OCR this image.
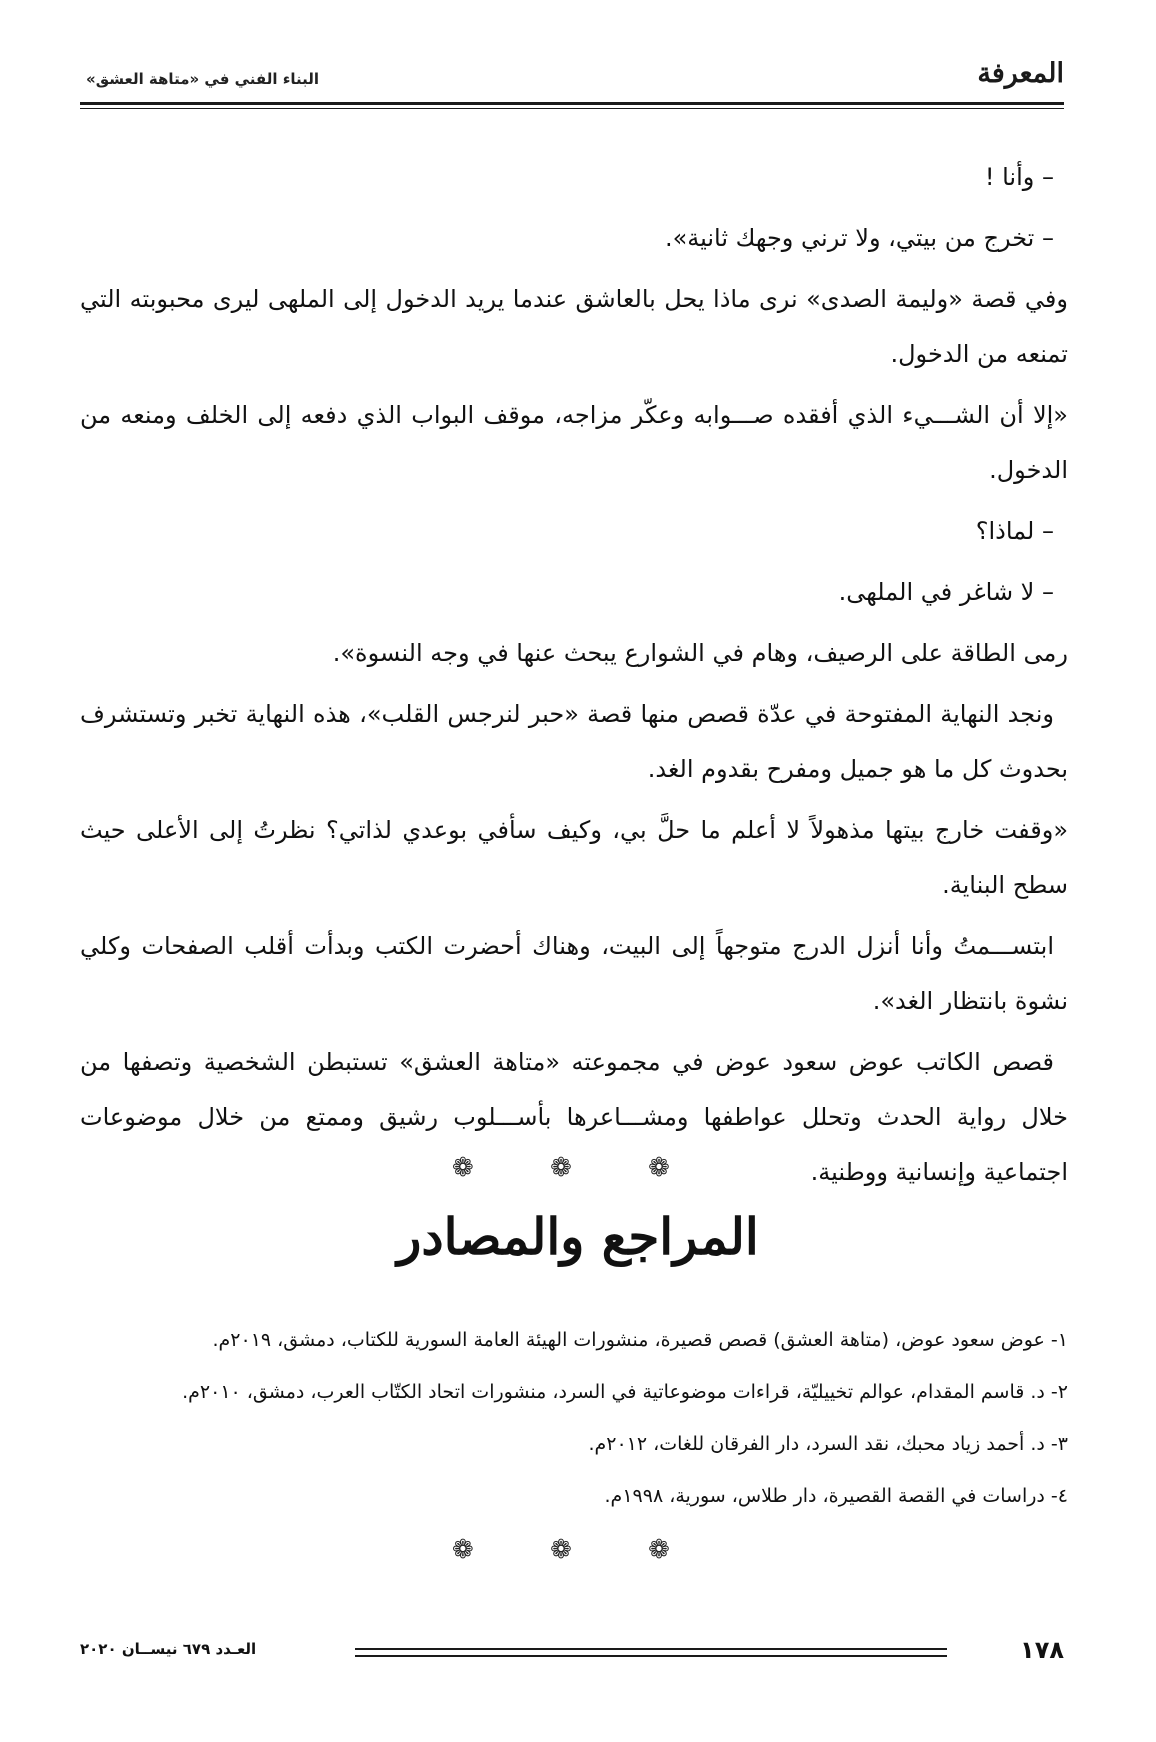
المعرفة
البناء الفني في «متاهة العشق»

– وأنا !

– تخرج من بيتي، ولا ترني وجهك ثانية».

وفي قصة «وليمة الصدى» نرى ماذا يحل بالعاشق عندما يريد الدخول إلى الملهى ليرى محبوبته التي تمنعه من الدخول.

«إلا أن الشـــيء الذي أفقده صـــوابه وعكّر مزاجه، موقف البواب الذي دفعه إلى الخلف ومنعه من الدخول.

– لماذا؟

– لا شاغر في الملهى.

رمى الطاقة على الرصيف، وهام في الشوارع يبحث عنها في وجه النسوة».

ونجد النهاية المفتوحة في عدّة قصص منها قصة «حبر لنرجس القلب»، هذه النهاية تخبر وتستشرف بحدوث كل ما هو جميل ومفرح بقدوم الغد.

«وقفت خارج بيتها مذهولاً لا أعلم ما حلَّ بي، وكيف سأفي بوعدي لذاتي؟ نظرتُ إلى الأعلى حيث سطح البناية.

ابتســـمتُ وأنا أنزل الدرج متوجهاً إلى البيت، وهناك أحضرت الكتب وبدأت أقلب الصفحات وكلي نشوة بانتظار الغد».

قصص الكاتب عوض سعود عوض في مجموعته «متاهة العشق» تستبطن الشخصية وتصفها من خلال رواية الحدث وتحلل عواطفها ومشـــاعرها بأســـلوب رشيق وممتع من خلال موضوعات اجتماعية وإنسانية ووطنية.

❁ ❁ ❁
المراجع والمصادر
١- عوض سعود عوض، (متاهة العشق) قصص قصيرة، منشورات الهيئة العامة السورية للكتاب، دمشق، ٢٠١٩م.
٢- د. قاسم المقدام، عوالم تخييليّة، قراءات موضوعاتية في السرد، منشورات اتحاد الكتّاب العرب، دمشق، ٢٠١٠م.
٣- د. أحمد زياد محبك، نقد السرد، دار الفرقان للغات، ٢٠١٢م.
٤- دراسات في القصة القصيرة، دار طلاس، سورية، ١٩٩٨م.
❁ ❁ ❁
١٧٨
العـدد ٦٧٩ نيســان ٢٠٢٠
